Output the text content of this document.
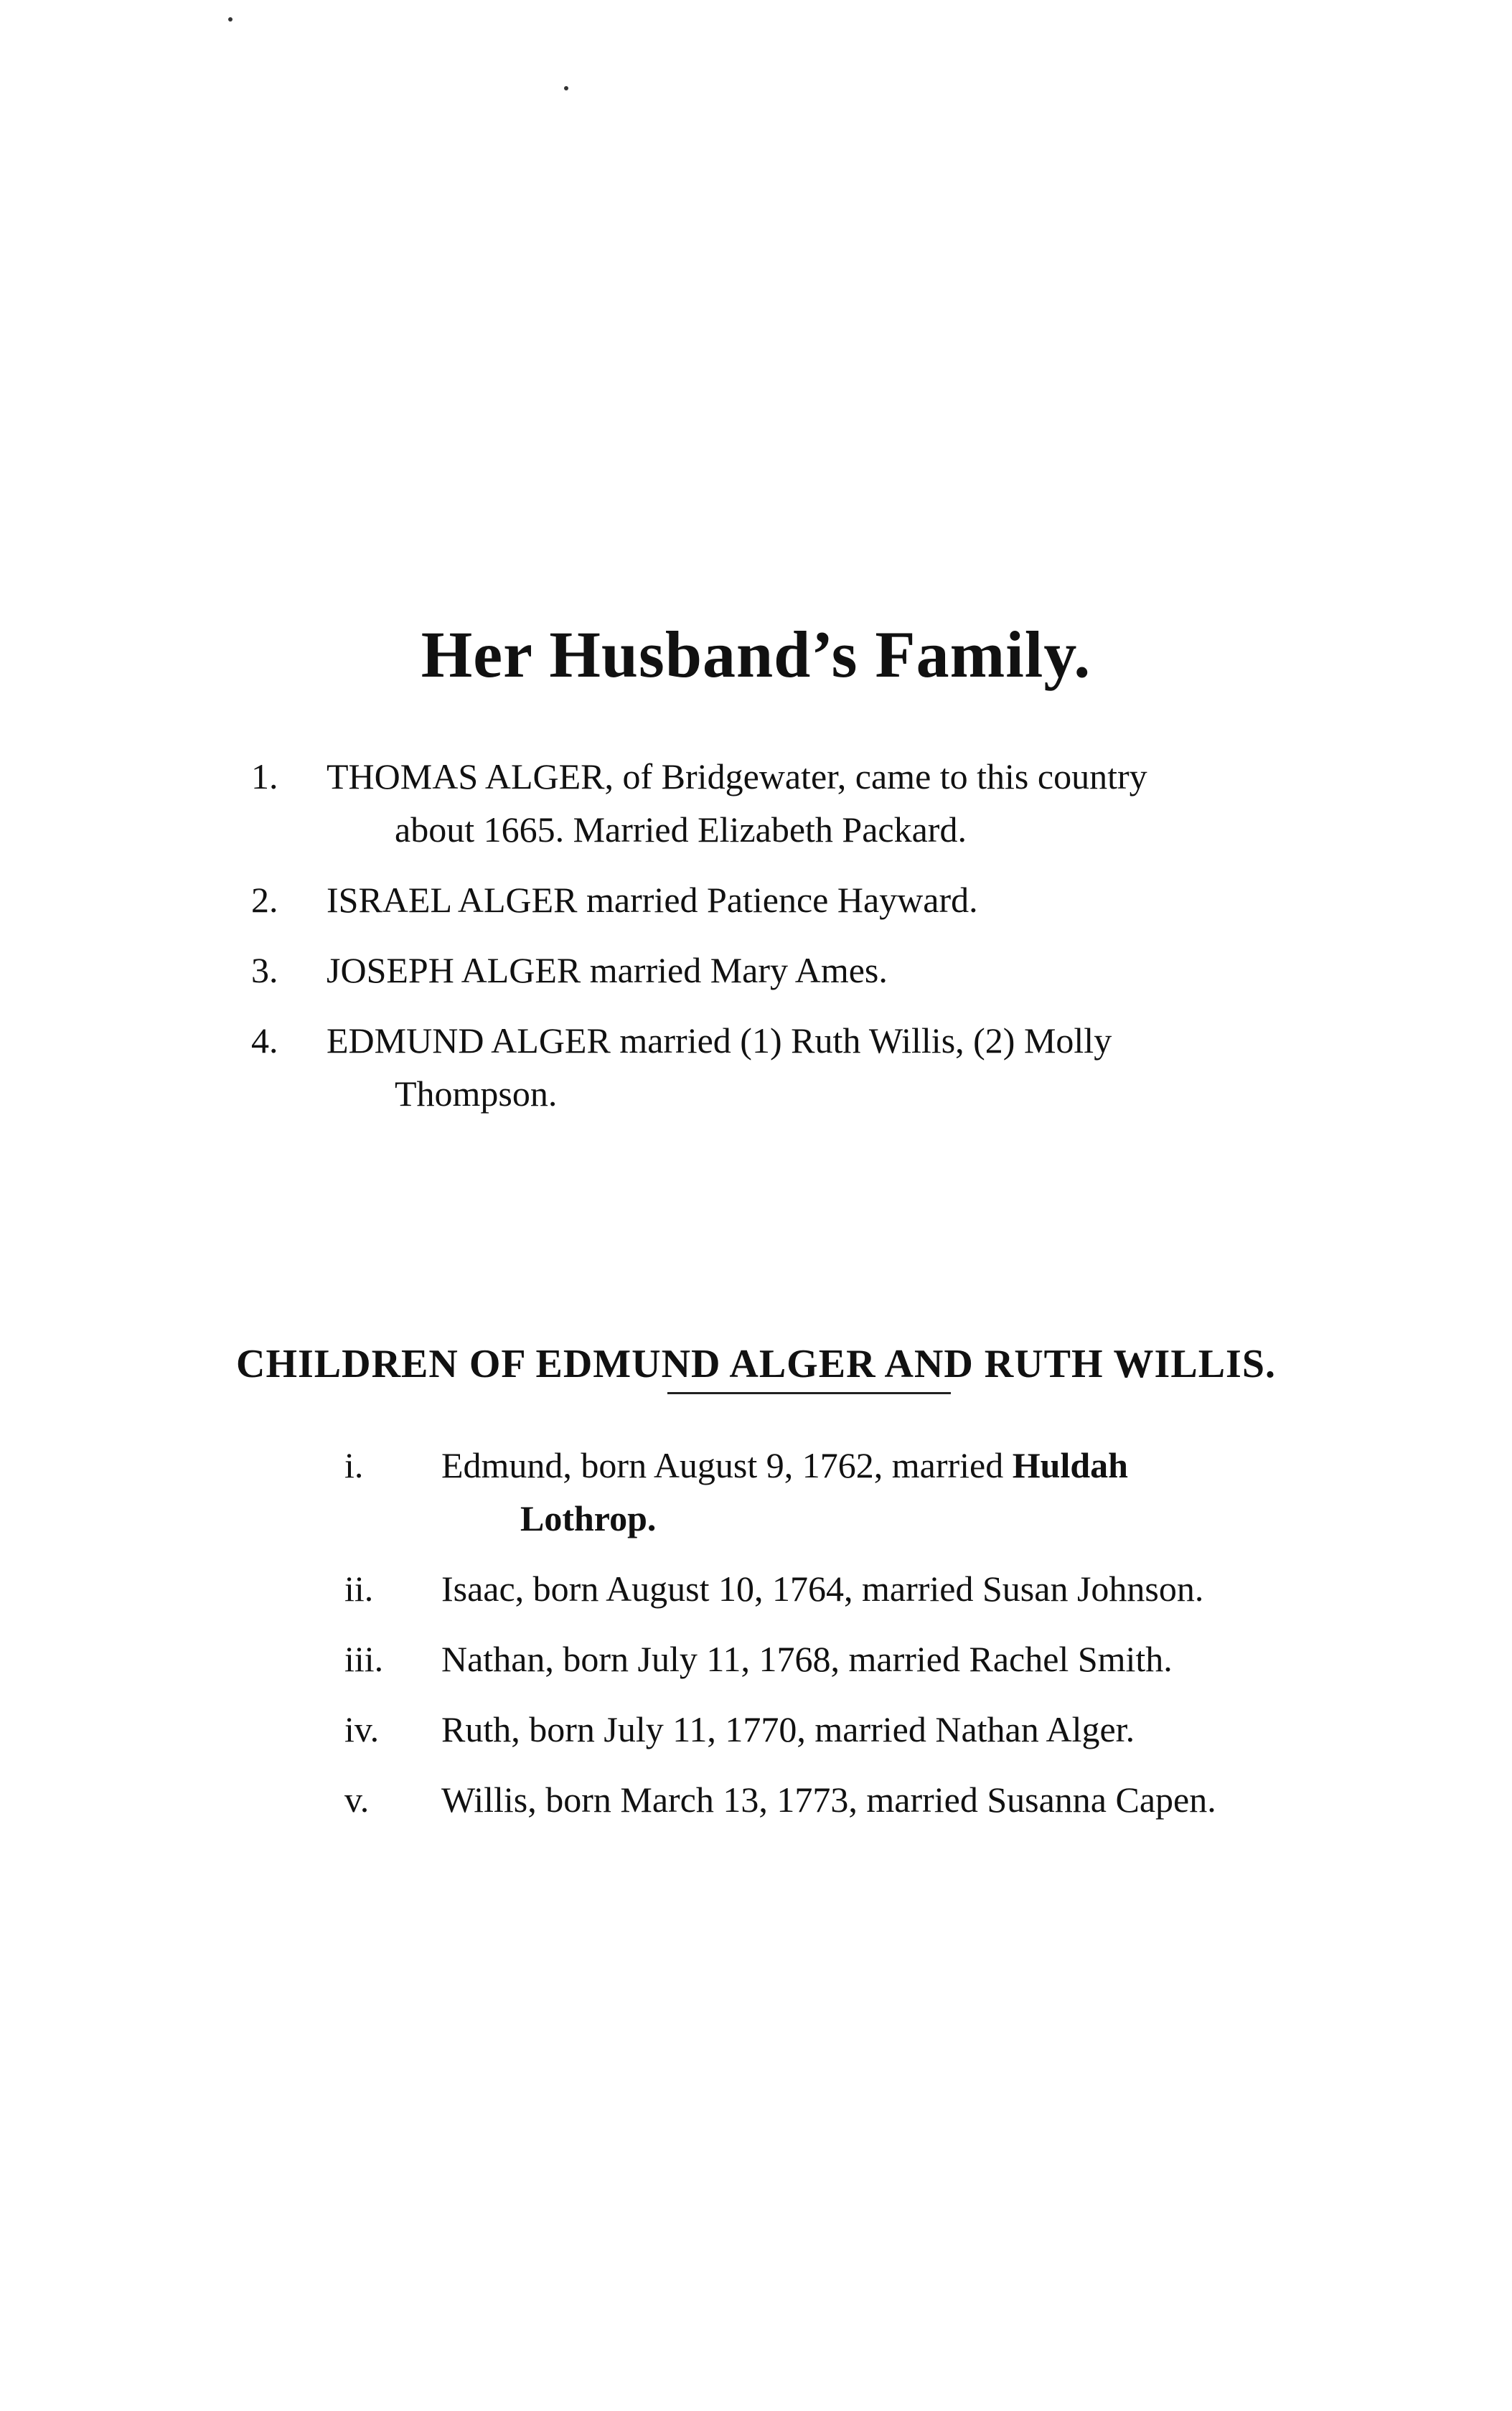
Her Husband’s Family.
1. THOMAS ALGER, of Bridgewater, came to this country
about 1665. Married Elizabeth Packard.
2. ISRAEL ALGER married Patience Hayward.
3. JOSEPH ALGER married Mary Ames.
4. EDMUND ALGER married (1) Ruth Willis, (2) Molly
Thompson.
CHILDREN OF EDMUND ALGER AND RUTH WILLIS.
i.	Edmund, born August 9, 1762, married Huldah
Lothrop.
ii.	Isaac, born August 10, 1764, married Susan Johnson.
iii.	Nathan, born July 11, 1768, married Rachel Smith.
iv.	Ruth, born July 11, 1770, married Nathan Alger.
v.	Willis, born March 13, 1773, married Susanna Capen.
